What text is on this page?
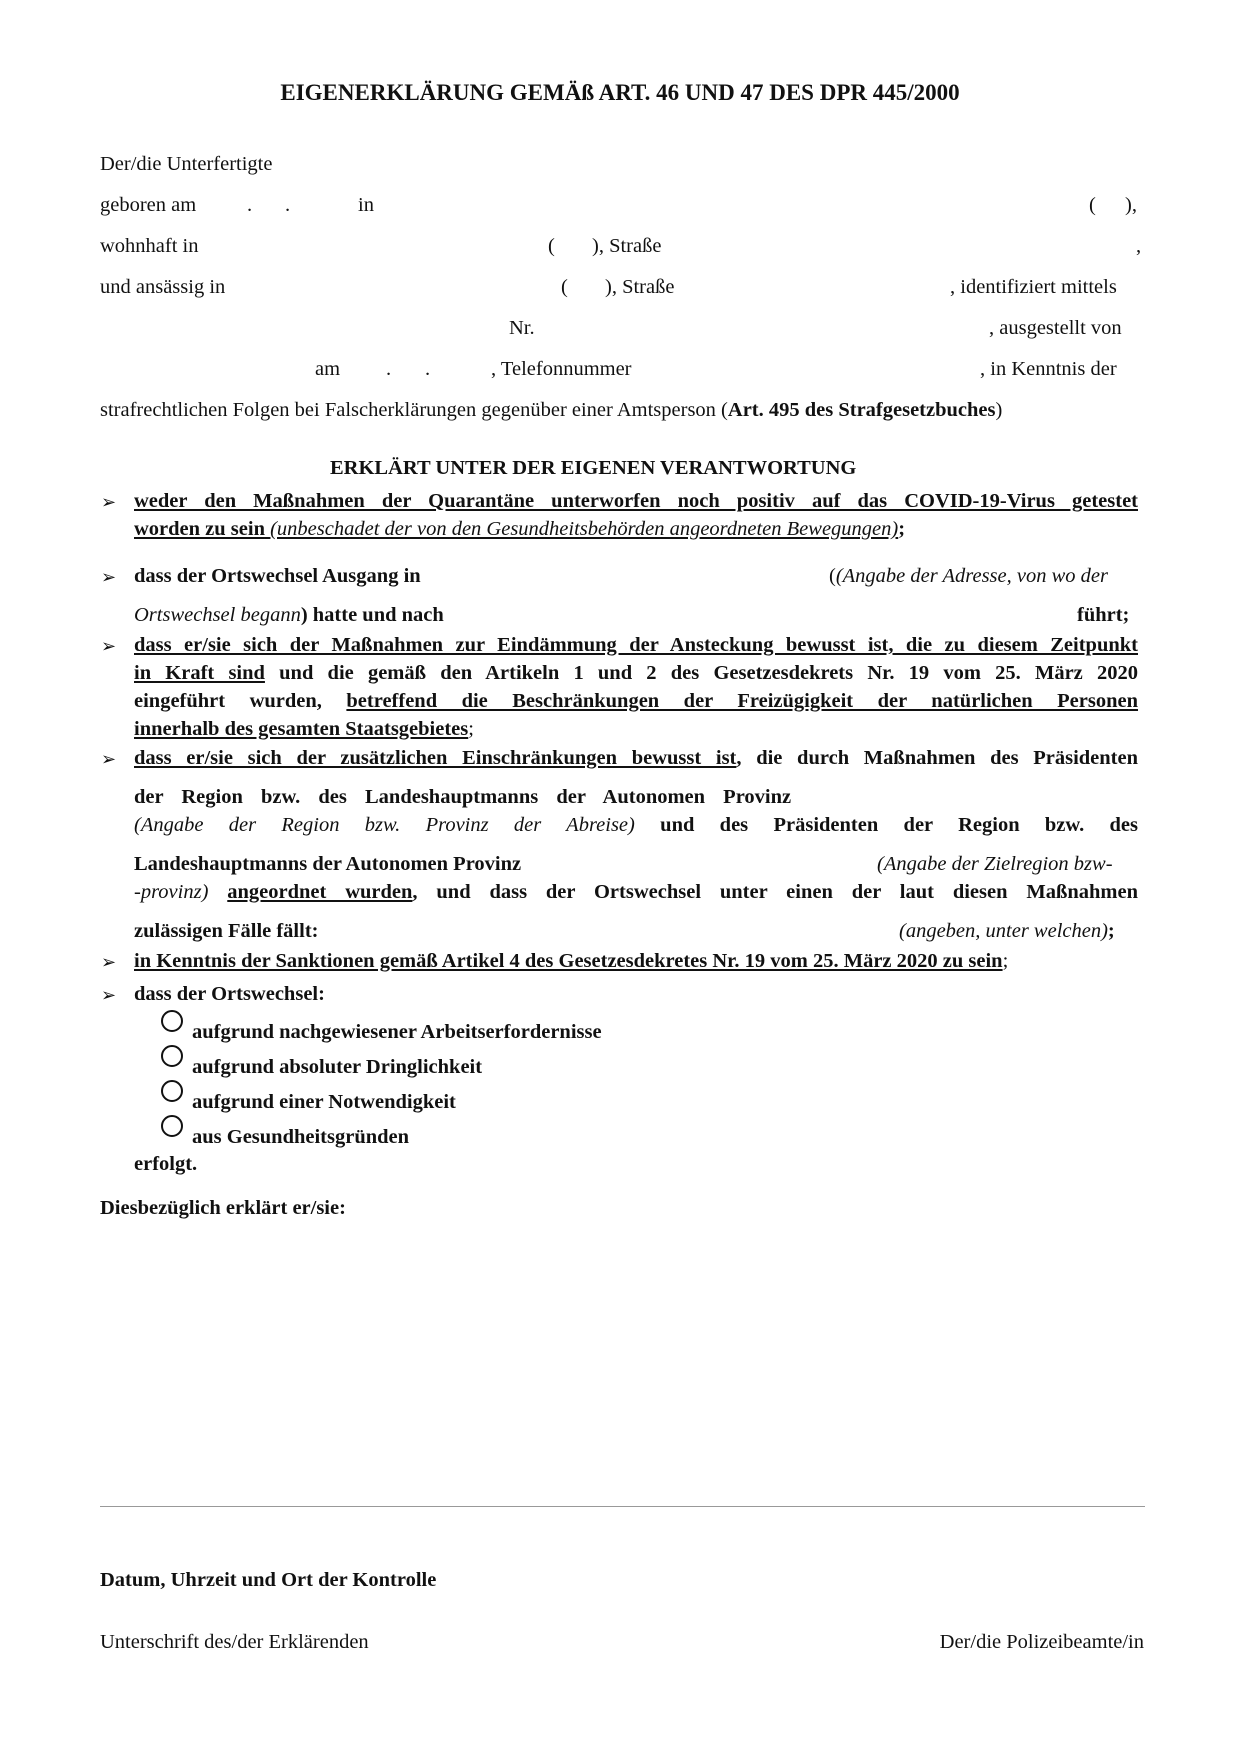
EIGENERKLÄRUNG GEMÄß ART. 46 UND 47 DES DPR 445/2000
Der/die Unterfertigte
geboren am . .	in	( ),
wohnhaft in	( ), Straße	,
und ansässig in	( ), Straße	, identifiziert mittels
Nr.	, ausgestellt von
am . .	, Telefonnummer	, in Kenntnis der
strafrechtlichen Folgen bei Falscherklärungen gegenüber einer Amtsperson (Art. 495 des Strafgesetzbuches)
ERKLÄRT UNTER DER EIGENEN VERANTWORTUNG
➢ weder den Maßnahmen der Quarantäne unterworfen noch positiv auf das COVID-19-Virus getestet
worden zu sein (unbeschadet der von den Gesundheitsbehörden angeordneten Bewegungen);
➢ dass der Ortswechsel Ausgang in	((Angabe der Adresse, von wo der
Ortswechsel begann) hatte und nach	führt;
➢ dass er/sie sich der Maßnahmen zur Eindämmung der Ansteckung bewusst ist, die zu diesem Zeitpunkt
in Kraft sind und die gemäß den Artikeln 1 und 2 des Gesetzesdekrets Nr. 19 vom 25. März 2020
eingeführt wurden, betreffend die Beschränkungen der Freizügigkeit der natürlichen Personen
innerhalb des gesamten Staatsgebietes;
➢ dass er/sie sich der zusätzlichen Einschränkungen bewusst ist, die durch Maßnahmen des Präsidenten
der Region bzw. des Landeshauptmanns der Autonomen Provinz
(Angabe der Region bzw. Provinz der Abreise) und des Präsidenten der Region bzw. des
Landeshauptmanns der Autonomen Provinz	(Angabe der Zielregion bzw-
-provinz) angeordnet wurden, und dass der Ortswechsel unter einen der laut diesen Maßnahmen
zulässigen Fälle fällt:	(angeben, unter welchen);
➢ in Kenntnis der Sanktionen gemäß Artikel 4 des Gesetzesdekretes Nr. 19 vom 25. März 2020 zu sein;
➢ dass der Ortswechsel:
aufgrund nachgewiesener Arbeitserfordernisse
aufgrund absoluter Dringlichkeit
aufgrund einer Notwendigkeit
aus Gesundheitsgründen
erfolgt.
Diesbezüglich erklärt er/sie:
Datum, Uhrzeit und Ort der Kontrolle
Unterschrift des/der Erklärenden	Der/die Polizeibeamte/in
